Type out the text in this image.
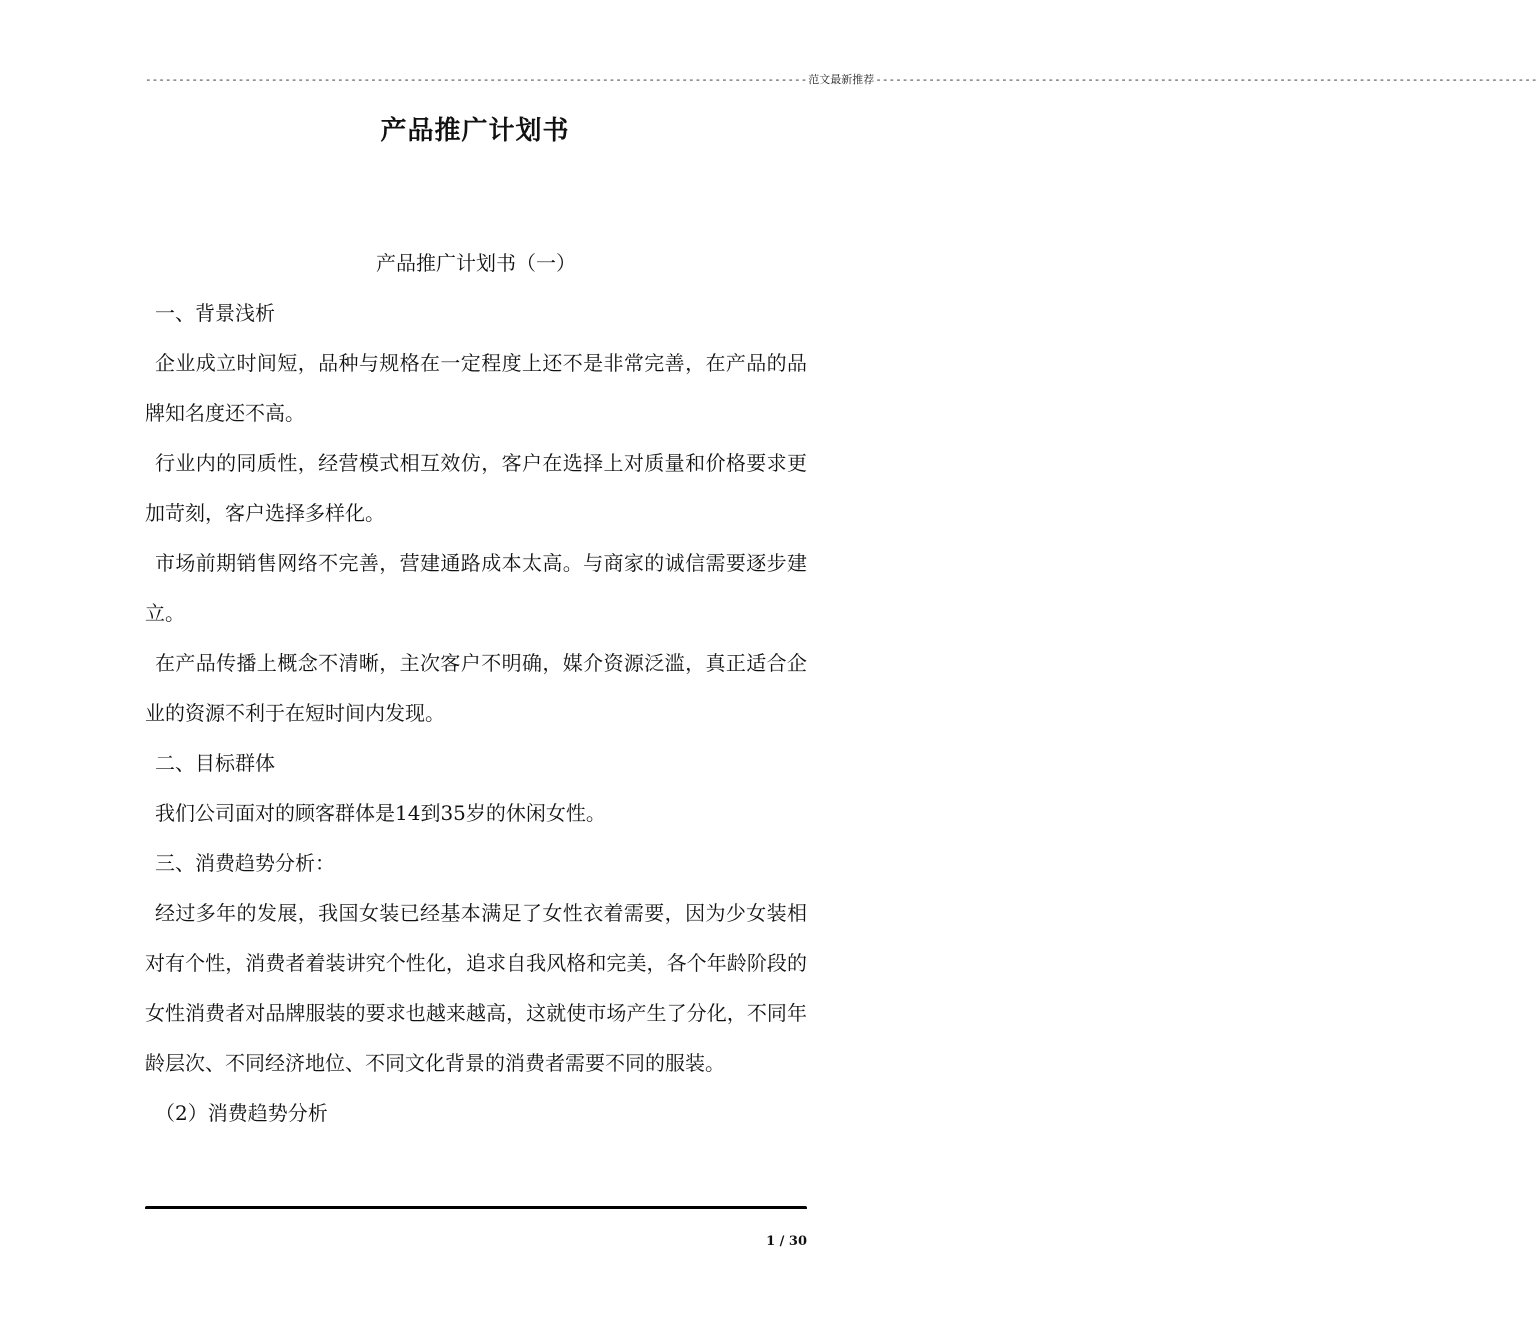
---------------------------------------------------------------------------------------------------- 范文最新推荐 ----------------------------------------------------------------------------------------------------
产品推广计划书

产品推广计划书（一）

一、背景浅析

企业成立时间短，品种与规格在一定程度上还不是非常完善，在产品的品牌知名度还不高。

行业内的同质性，经营模式相互效仿，客户在选择上对质量和价格要求更加苛刻，客户选择多样化。

市场前期销售网络不完善，营建通路成本太高。与商家的诚信需要逐步建立。

在产品传播上概念不清晰，主次客户不明确，媒介资源泛滥，真正适合企业的资源不利于在短时间内发现。

二、目标群体

我们公司面对的顾客群体是14到35岁的休闲女性。

三、消费趋势分析：

经过多年的发展，我国女装已经基本满足了女性衣着需要，因为少女装相对有个性，消费者着装讲究个性化，追求自我风格和完美，各个年龄阶段的女性消费者对品牌服装的要求也越来越高，这就使市场产生了分化，不同年龄层次、不同经济地位、不同文化背景的消费者需要不同的服装。

（2）消费趋势分析

1 / 30
